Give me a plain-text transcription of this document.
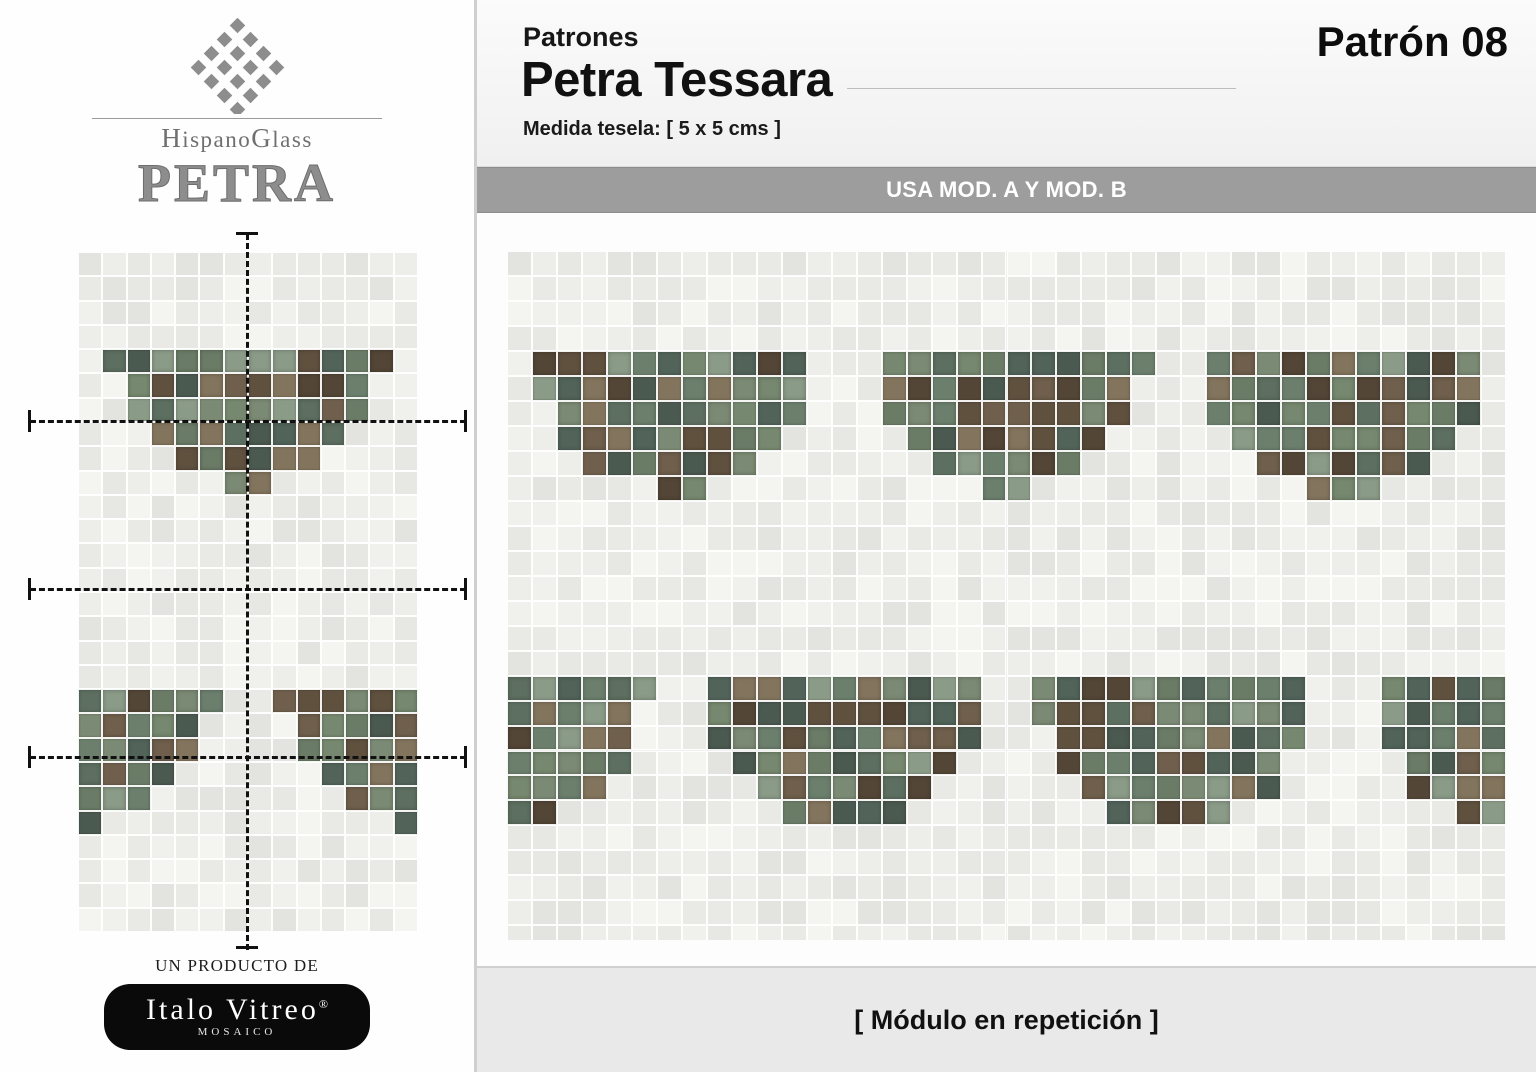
HispanoGlass
PETRA
UN PRODUCTO DE
Italo Vitreo®
MOSAICO
Patrones
Petra Tessara
Medida tesela: [ 5 x 5 cms ]
Patrón 08
USA MOD. A Y MOD. B
[ Módulo en repetición ]
